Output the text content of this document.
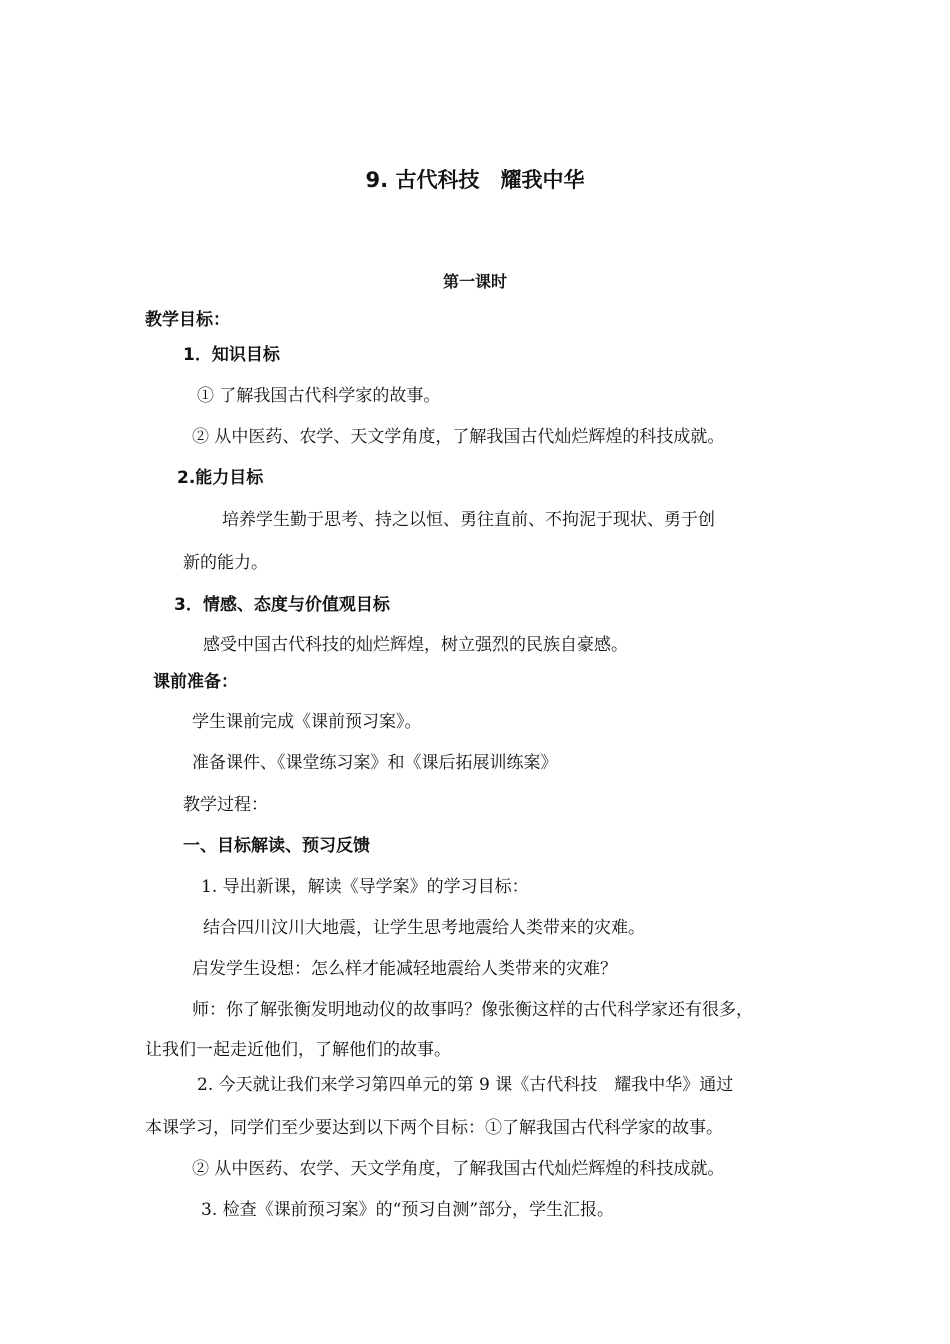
9. 古代科技　耀我中华
第一课时
教学目标：
1．知识目标
① 了解我国古代科学家的故事。
② 从中医药、农学、天文学角度，了解我国古代灿烂辉煌的科技成就。
2.能力目标
培养学生勤于思考、持之以恒、勇往直前、不拘泥于现状、勇于创
新的能力。
3．情感、态度与价值观目标
感受中国古代科技的灿烂辉煌，树立强烈的民族自豪感。
课前准备：
学生课前完成《课前预习案》。
准备课件、《课堂练习案》和《课后拓展训练案》
教学过程：
一、目标解读、预习反馈
1. 导出新课，解读《导学案》的学习目标：
结合四川汶川大地震，让学生思考地震给人类带来的灾难。
启发学生设想：怎么样才能减轻地震给人类带来的灾难？
师：你了解张衡发明地动仪的故事吗？像张衡这样的古代科学家还有很多，
让我们一起走近他们，了解他们的故事。
2. 今天就让我们来学习第四单元的第 9 课《古代科技　耀我中华》通过
本课学习，同学们至少要达到以下两个目标：①了解我国古代科学家的故事。
② 从中医药、农学、天文学角度，了解我国古代灿烂辉煌的科技成就。
3. 检查《课前预习案》的“预习自测”部分，学生汇报。
